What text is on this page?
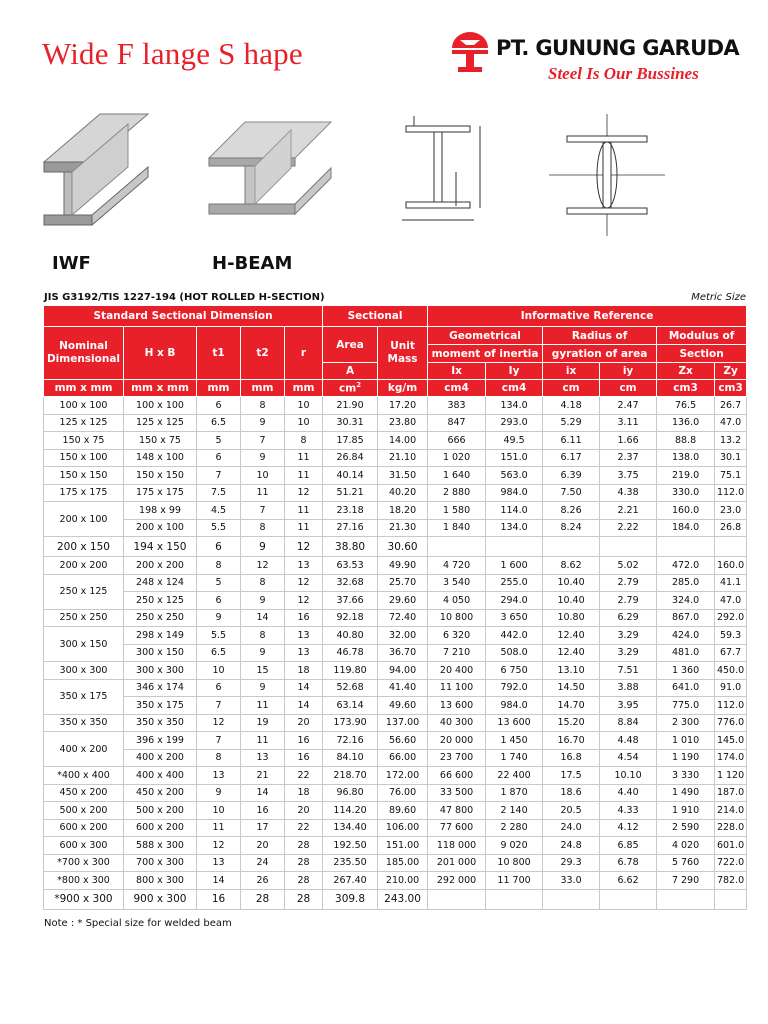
Wide F lange S hape	PT. GUNUNG GARUDA
Steel Is Our Bussines
IWF	H-BEAM
JIS G3192/TIS 1227-194 (HOT ROLLED H-SECTION)	Metric Size
Standard Sectional Dimension					Sectional		Informative Reference					
Nominal Dimensional	H x B	t1	t2	r	Area	Unit Mass	Geometrical		Radius of		Modulus of	
							moment of inertia		gyration of area		Section	
					A		Ix	Iy	ix	iy	Zx	Zy
mm x mm	mm x mm	mm	mm	mm	$cm^2$	kg/m	cm4	cm4	cm	cm	cm3	cm3
100 x 100	100 x 100	6	8	10	21.90	17.20	383	134.0	4.18	2.47	76.5	26.7
125 x 125	125 x 125	6.5	9	10	30.31	23.80	847	293.0	5.29	3.11	136.0	47.0
150 x 75	150 x 75	5	7	8	17.85	14.00	666	49.5	6.11	1.66	88.8	13.2
150 x 100	148 x 100	6	9	11	26.84	21.10	1 020	151.0	6.17	2.37	138.0	30.1
150 x 150	150 x 150	7	10	11	40.14	31.50	1 640	563.0	6.39	3.75	219.0	75.1
175 x 175	175 x 175	7.5	11	12	51.21	40.20	2 880	984.0	7.50	4.38	330.0	112.0
200 x 100	198 x 99	4.5	7	11	23.18	18.20	1 580	114.0	8.26	2.21	160.0	23.0
	200 x 100	5.5	8	11	27.16	21.30	1 840	134.0	8.24	2.22	184.0	26.8
200 x 150	194 x 150	6	9	12	38.80	30.60						
200 x 200	200 x 200	8	12	13	63.53	49.90	4 720	1 600	8.62	5.02	472.0	160.0
250 x 125	248 x 124	5	8	12	32.68	25.70	3 540	255.0	10.40	2.79	285.0	41.1
	250 x 125	6	9	12	37.66	29.60	4 050	294.0	10.40	2.79	324.0	47.0
250 x 250	250 x 250	9	14	16	92.18	72.40	10 800	3 650	10.80	6.29	867.0	292.0
300 x 150	298 x 149	5.5	8	13	40.80	32.00	6 320	442.0	12.40	3.29	424.0	59.3
	300 x 150	6.5	9	13	46.78	36.70	7 210	508.0	12.40	3.29	481.0	67.7
300 x 300	300 x 300	10	15	18	119.80	94.00	20 400	6 750	13.10	7.51	1 360	450.0
350 x 175	346 x 174	6	9	14	52.68	41.40	11 100	792.0	14.50	3.88	641.0	91.0
	350 x 175	7	11	14	63.14	49.60	13 600	984.0	14.70	3.95	775.0	112.0
350 x 350	350 x 350	12	19	20	173.90	137.00	40 300	13 600	15.20	8.84	2 300	776.0
400 x 200	396 x 199	7	11	16	72.16	56.60	20 000	1 450	16.70	4.48	1 010	145.0
	400 x 200	8	13	16	84.10	66.00	23 700	1 740	16.8	4.54	1 190	174.0
*400 x 400	400 x 400	13	21	22	218.70	172.00	66 600	22 400	17.5	10.10	3 330	1 120
450 x 200	450 x 200	9	14	18	96.80	76.00	33 500	1 870	18.6	4.40	1 490	187.0
500 x 200	500 x 200	10	16	20	114.20	89.60	47 800	2 140	20.5	4.33	1 910	214.0
600 x 200	600 x 200	11	17	22	134.40	106.00	77 600	2 280	24.0	4.12	2 590	228.0
600 x 300	588 x 300	12	20	28	192.50	151.00	118 000	9 020	24.8	6.85	4 020	601.0
*700 x 300	700 x 300	13	24	28	235.50	185.00	201 000	10 800	29.3	6.78	5 760	722.0
*800 x 300	800 x 300	14	26	28	267.40	210.00	292 000	11 700	33.0	6.62	7 290	782.0
*900 x 300	900 x 300	16	28	28	309.8	243.00						
Note : * Special size for welded beam
